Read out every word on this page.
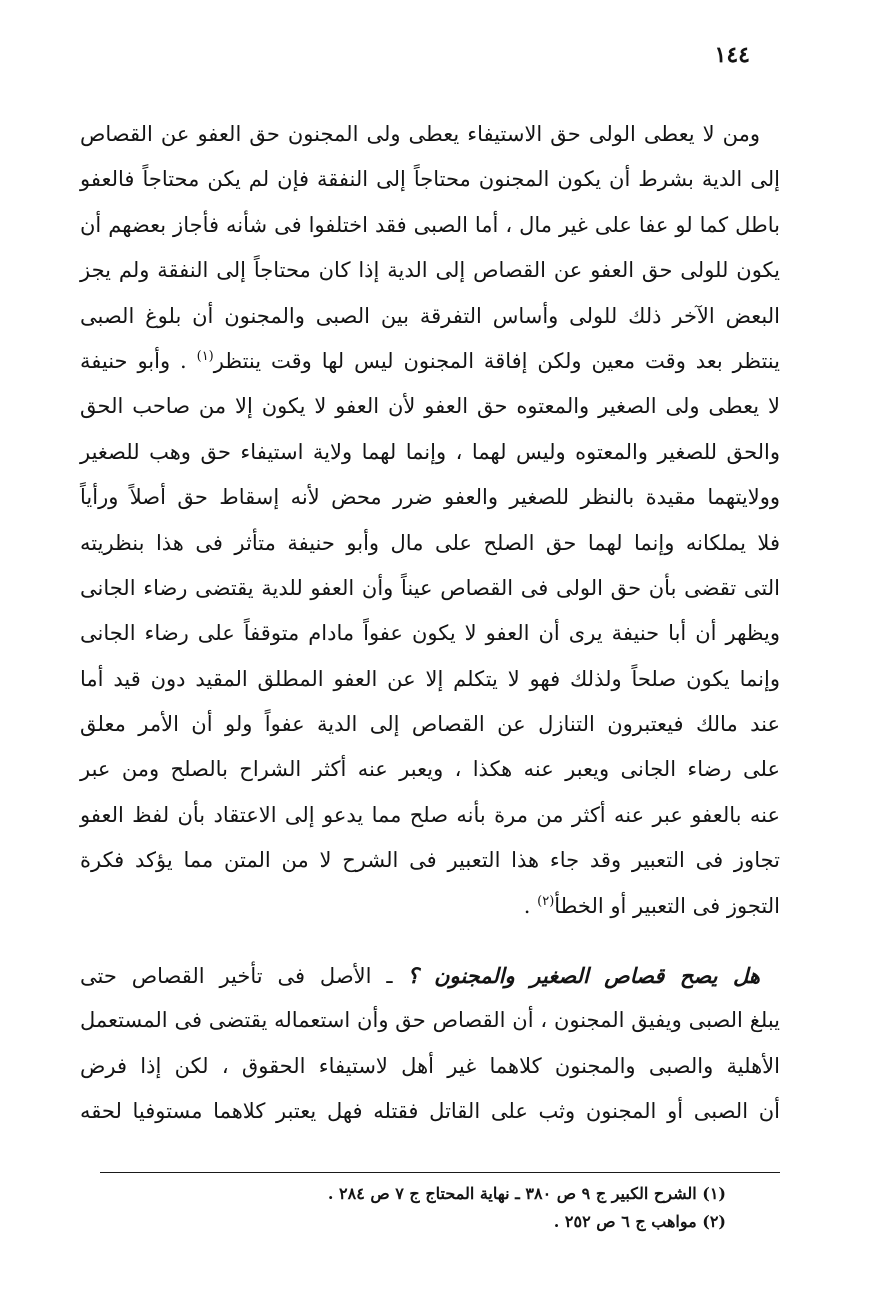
١٤٤
ومن لا يعطى الولى حق الاستيفاء يعطى ولى المجنون حق العفو عن القصاص
إلى الدية بشرط أن يكون المجنون محتاجاً إلى النفقة فإن لم يكن محتاجاً فالعفو
باطل كما لو عفا على غير مال ، أما الصبى فقد اختلفوا فى شأنه فأجاز بعضهم أن
يكون للولى حق العفو عن القصاص إلى الدية إذا كان محتاجاً إلى النفقة ولم يجز
البعض الآخر ذلك للولى وأساس التفرقة بين الصبى والمجنون أن بلوغ الصبى
ينتظر بعد وقت معين ولكن إفاقة المجنون ليس لها وقت ينتظر$^{(١)}$ . وأبو حنيفة
لا يعطى ولى الصغير والمعتوه حق العفو لأن العفو لا يكون إلا من صاحب الحق
والحق للصغير والمعتوه وليس لهما ، وإنما لهما ولاية استيفاء حق وهب للصغير
وولايتهما مقيدة بالنظر للصغير والعفو ضرر محض لأنه إسقاط حق أصلاً ورأياً
فلا يملكانه وإنما لهما حق الصلح على مال وأبو حنيفة متأثر فى هذا بنظريته
التى تقضى بأن حق الولى فى القصاص عيناً وأن العفو للدية يقتضى رضاء الجانى
ويظهر أن أبا حنيفة يرى أن العفو لا يكون عفواً مادام متوقفاً على رضاء الجانى
وإنما يكون صلحاً ولذلك فهو لا يتكلم إلا عن العفو المطلق المقيد دون قيد أما
عند مالك فيعتبرون التنازل عن القصاص إلى الدية عفواً ولو أن الأمر معلق
على رضاء الجانى ويعبر عنه هكذا ، ويعبر عنه أكثر الشراح بالصلح ومن عبر
عنه بالعفو عبر عنه أكثر من مرة بأنه صلح مما يدعو إلى الاعتقاد بأن لفظ العفو
تجاوز فى التعبير وقد جاء هذا التعبير فى الشرح لا من المتن مما يؤكد فكرة
التجوز فى التعبير أو الخطأ$^{(٢)}$ .
هل يصح قصاص الصغير والمجنون ؟ ـ الأصل فى تأخير القصاص حتى
يبلغ الصبى ويفيق المجنون ، أن القصاص حق وأن استعماله يقتضى فى المستعمل
الأهلية والصبى والمجنون كلاهما غير أهل لاستيفاء الحقوق ، لكن إذا فرض
أن الصبى أو المجنون وثب على القاتل فقتله فهل يعتبر كلاهما مستوفيا لحقه
(١) الشرح الكبير ج ٩ ص ٣٨٠ ـ نهاية المحتاج ج ٧ ص ٢٨٤ .
(٢) مواهب ج ٦ ص ٢٥٢ .
